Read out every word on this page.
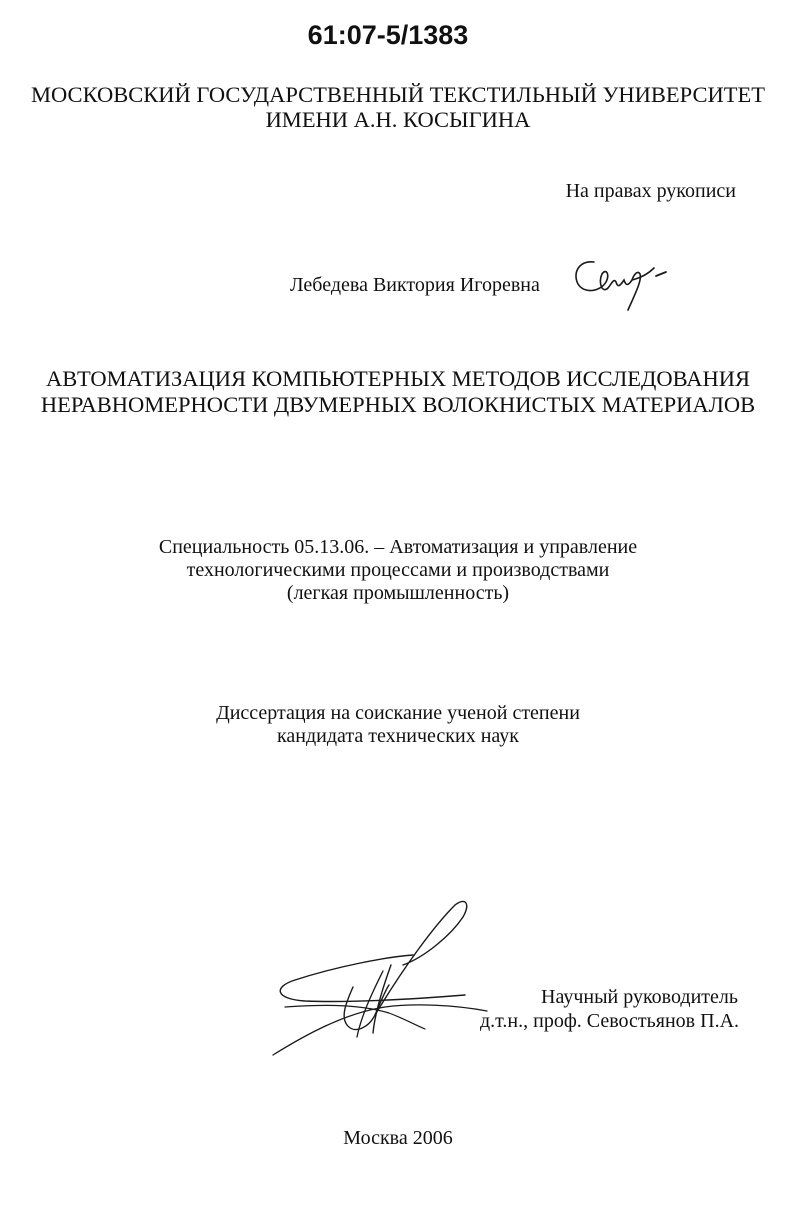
61:07-5/1383
МОСКОВСКИЙ ГОСУДАРСТВЕННЫЙ ТЕКСТИЛЬНЫЙ УНИВЕРСИТЕТ
ИМЕНИ А.Н. КОСЫГИНА
На правах рукописи
Лебедева Виктория Игоревна
АВТОМАТИЗАЦИЯ КОМПЬЮТЕРНЫХ МЕТОДОВ ИССЛЕДОВАНИЯ
НЕРАВНОМЕРНОСТИ ДВУМЕРНЫХ ВОЛОКНИСТЫХ МАТЕРИАЛОВ
Специальность 05.13.06. – Автоматизация и управление
технологическими процессами и производствами
(легкая промышленность)
Диссертация на соискание ученой степени
кандидата технических наук
Научный руководитель
д.т.н., проф. Севостьянов П.А.
Москва 2006
